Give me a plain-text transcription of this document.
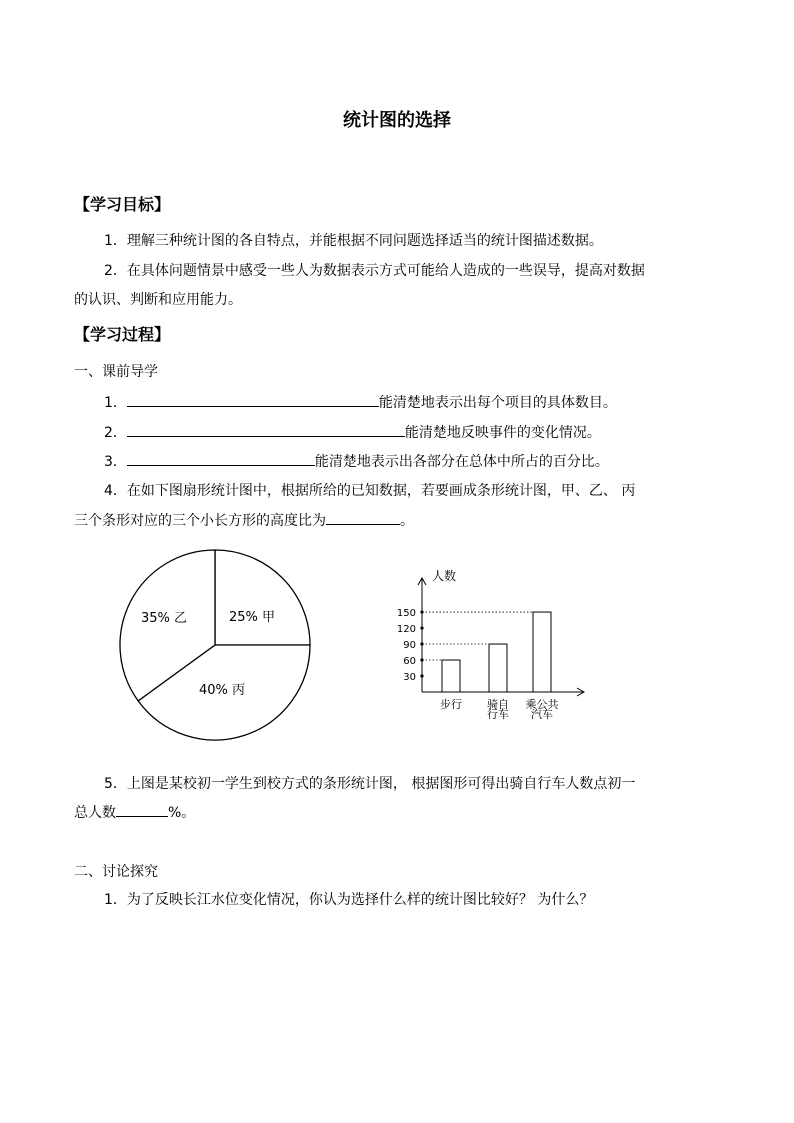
统计图的选择
【学习目标】
1．理解三种统计图的各自特点，并能根据不同问题选择适当的统计图描述数据。
2．在具体问题情景中感受一些人为数据表示方式可能给人造成的一些误导，提高对数据
的认识、判断和应用能力。
【学习过程】
一、课前导学
1．	能清楚地表示出每个项目的具体数目。
2．	能清楚地反映事件的变化情况。
3．	能清楚地表示出各部分在总体中所占的百分比。
4．在如下图扇形统计图中，根据所给的已知数据，若要画成条形统计图，甲、乙、 丙
三个条形对应的三个小长方形的高度比为	。
25% 甲
40% 丙
35% 乙
人数
30
60
90
120
150
步行 骑自行车
乘公共汽车
5．上图是某校初一学生到校方式的条形统计图， 根据图形可得出骑自行车人数点初一
总人数	%。
二、讨论探究
1．为了反映长江水位变化情况，你认为选择什么样的统计图比较好？ 为什么？
